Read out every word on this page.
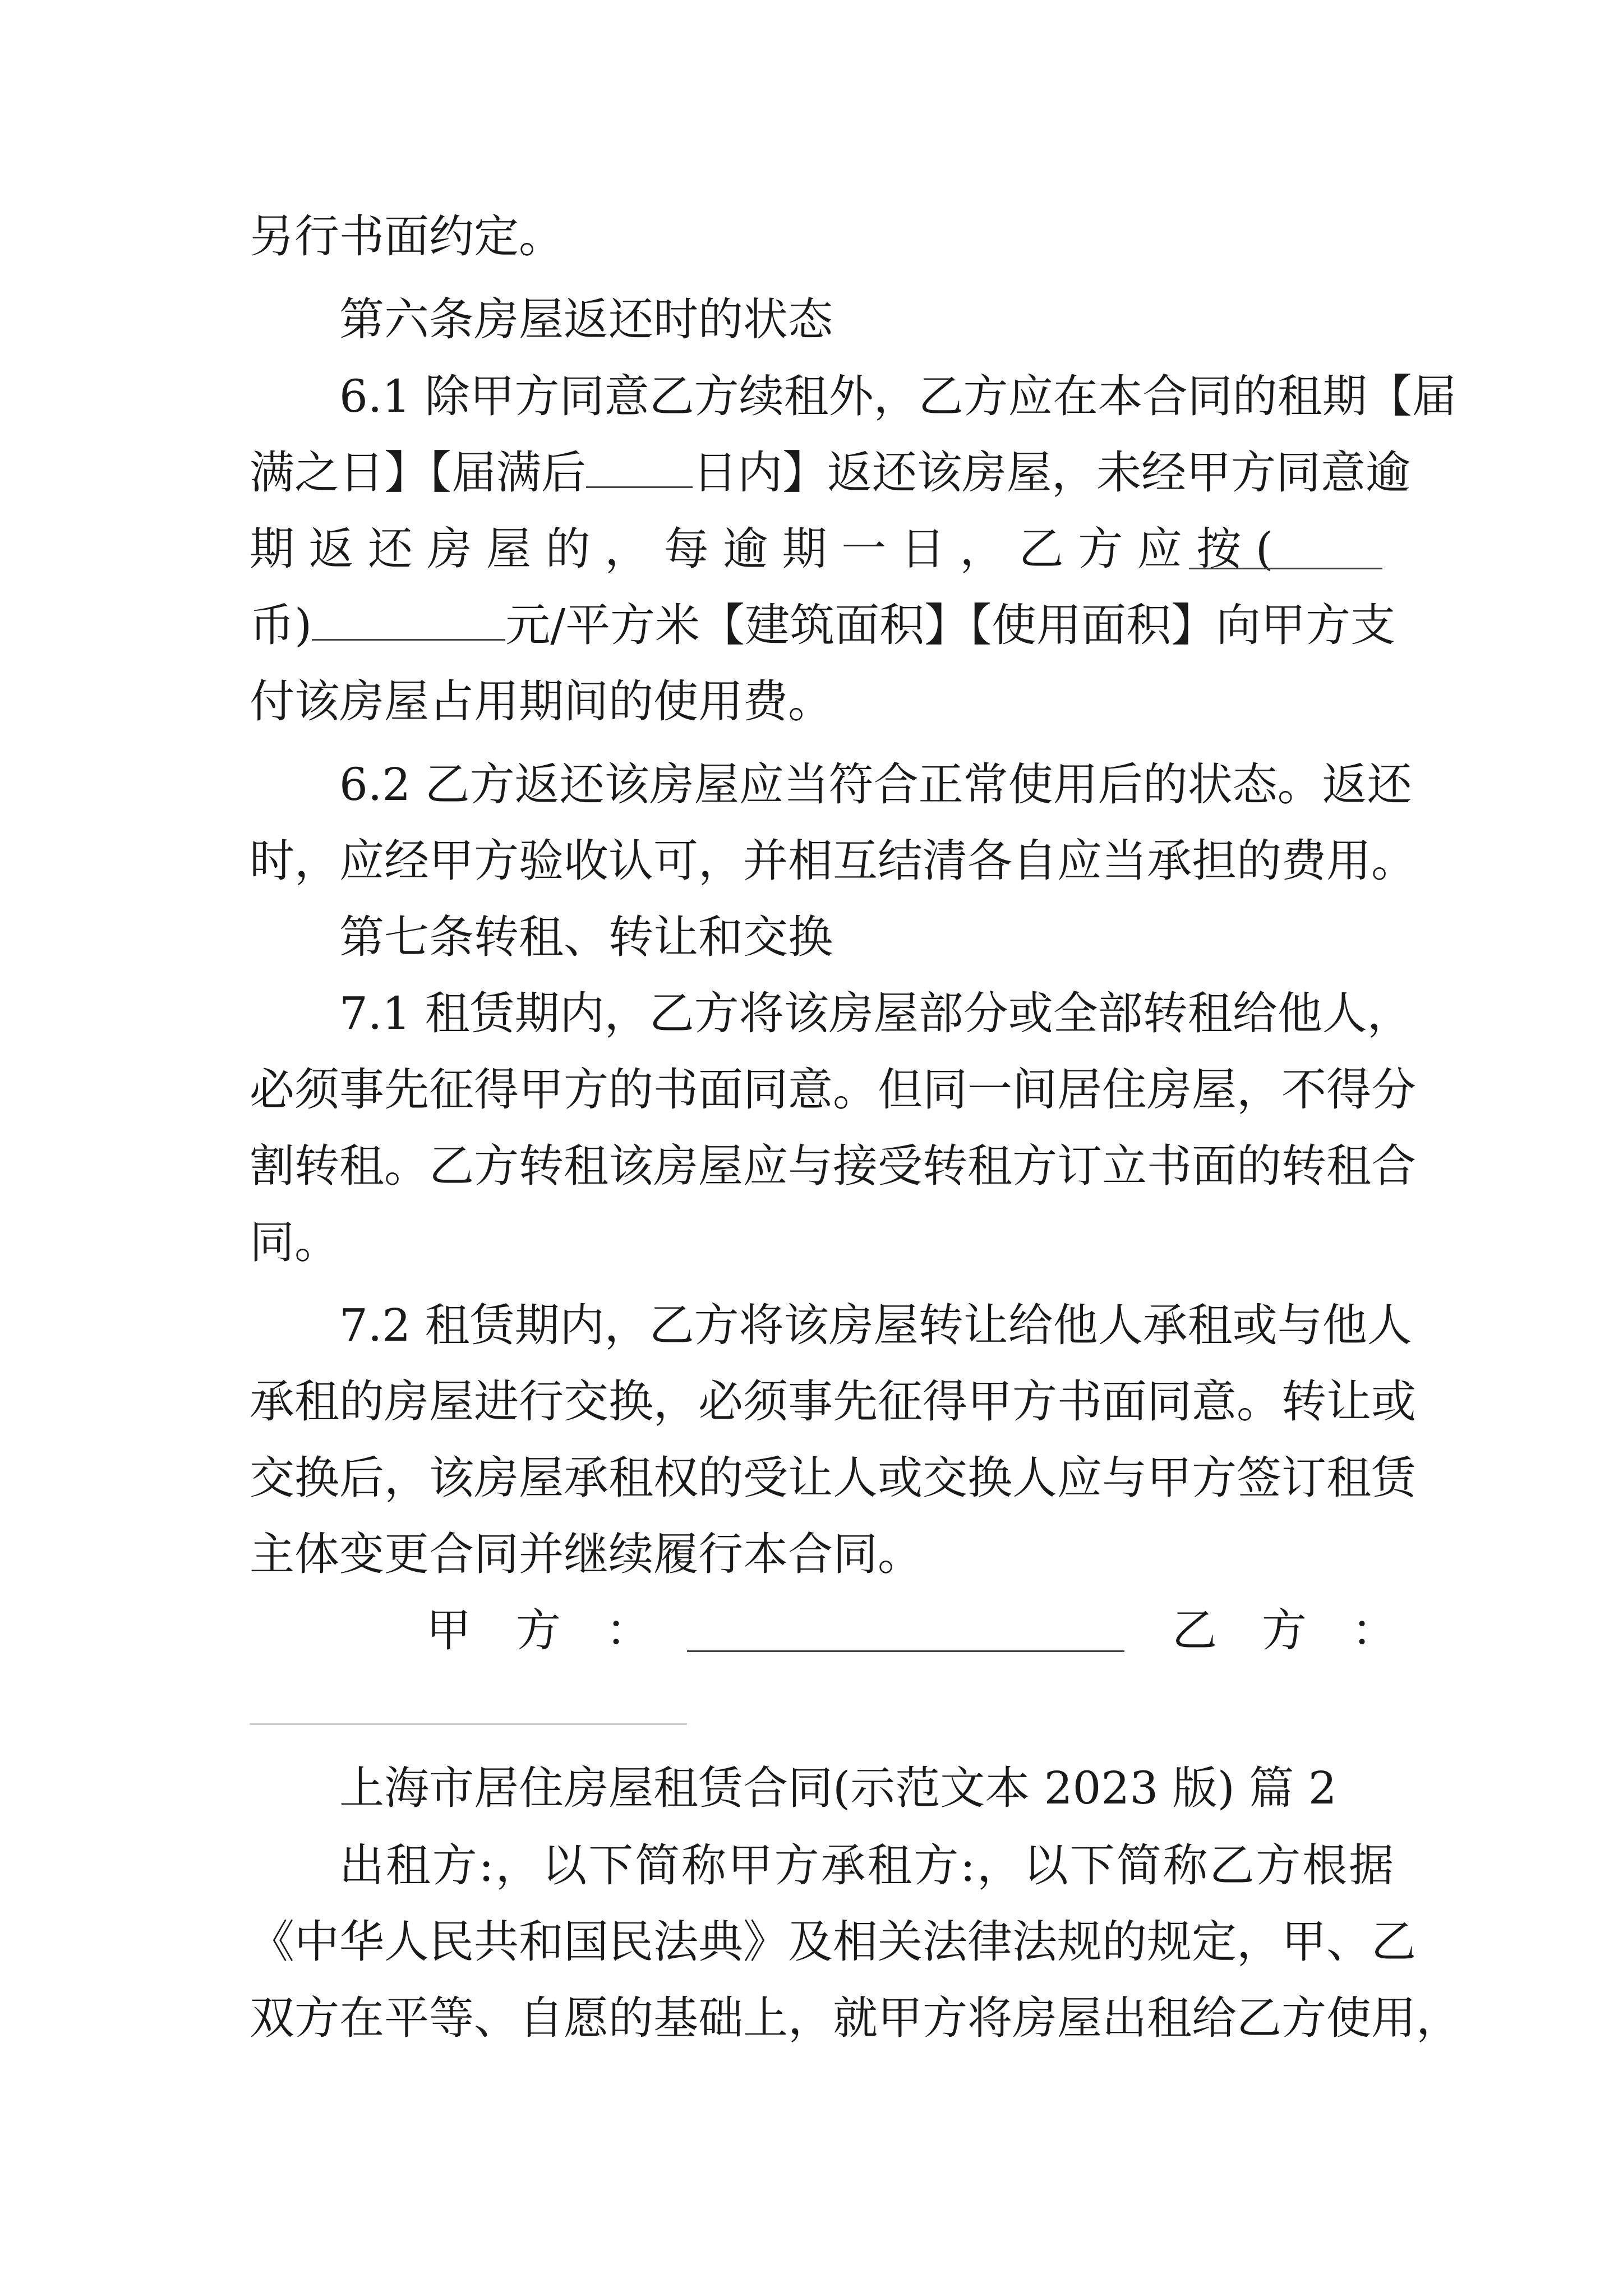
另行书面约定。
第六条房屋返还时的状态
6.1 除甲方同意乙方续租外，乙方应在本合同的租期【届
满之日】【届满后 日内】返还该房屋，未经甲方同意逾
期 返 还 房 屋 的 ， 每 逾 期 一 日 ， 乙 方 应 按 (
币)	元/平方米【建筑面积】【使用面积】向甲方支
付该房屋占用期间的使用费。
6.2 乙方返还该房屋应当符合正常使用后的状态。返还
时，应经甲方验收认可，并相互结清各自应当承担的费用。
第七条转租、转让和交换
7.1 租赁期内，乙方将该房屋部分或全部转租给他人，
必须事先征得甲方的书面同意。但同一间居住房屋，不得分
割转租。乙方转租该房屋应与接受转租方订立书面的转租合
同。
7.2 租赁期内，乙方将该房屋转让给他人承租或与他人
承租的房屋进行交换，必须事先征得甲方书面同意。转让或
交换后，该房屋承租权的受让人或交换人应与甲方签订租赁
主体变更合同并继续履行本合同。
甲　方　：	乙　方　：
上海市居住房屋租赁合同(示范文本 2023 版) 篇 2
出租方:，以下简称甲方承租方:，以下简称乙方根据
《中华人民共和国民法典》及相关法律法规的规定，甲、乙
双方在平等、自愿的基础上，就甲方将房屋出租给乙方使用，
